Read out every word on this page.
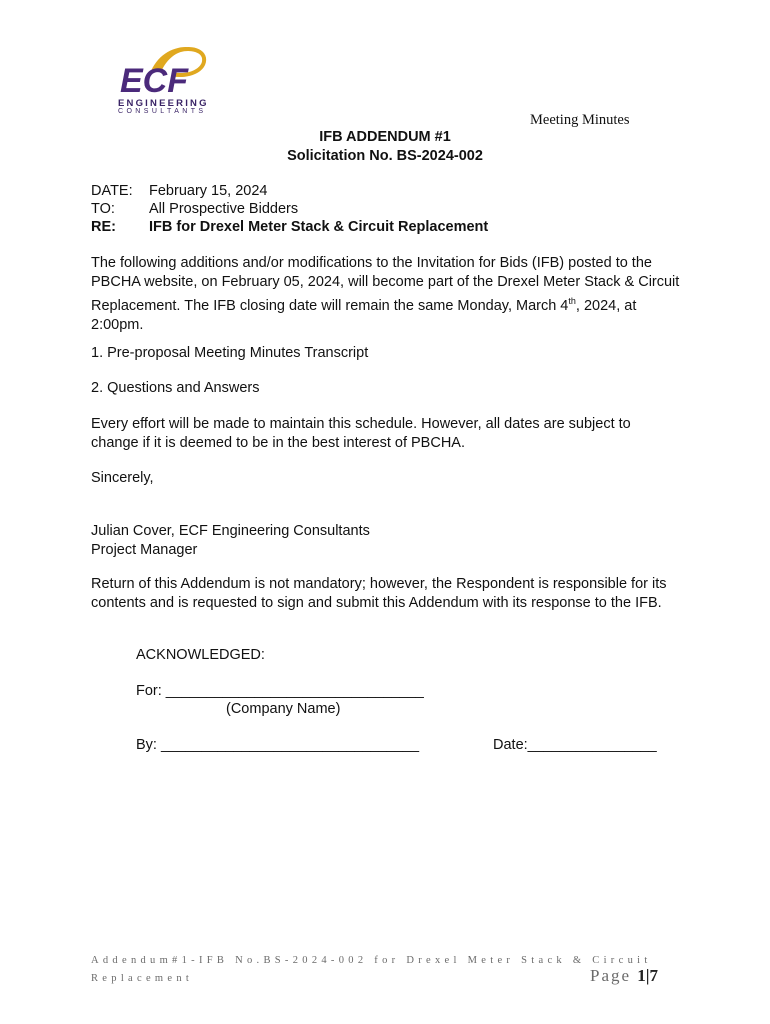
ECF
ENGINEERING
CONSULTANTS
Meeting Minutes
IFB ADDENDUM #1
Solicitation No. BS-2024-002
DATE: February 15, 2024
TO: All Prospective Bidders
RE: IFB for Drexel Meter Stack & Circuit Replacement
The following additions and/or modifications to the Invitation for Bids (IFB) posted to the PBCHA website, on February 05, 2024, will become part of the Drexel Meter Stack & Circuit Replacement. The IFB closing date will remain the same Monday, March 4th, 2024, at 2:00pm.
1. Pre-proposal Meeting Minutes Transcript
2. Questions and Answers
Every effort will be made to maintain this schedule. However, all dates are subject to change if it is deemed to be in the best interest of PBCHA.
Sincerely,
Julian Cover, ECF Engineering Consultants
Project Manager
Return of this Addendum is not mandatory; however, the Respondent is responsible for its contents and is requested to sign and submit this Addendum with its response to the IFB.
ACKNOWLEDGED:
For: ________________________________
(Company Name)
By: ________________________________	Date:________________
Addendum#1-IFB No.BS-2024-002 for Drexel Meter Stack & Circuit
Replacement	Page 1|7
